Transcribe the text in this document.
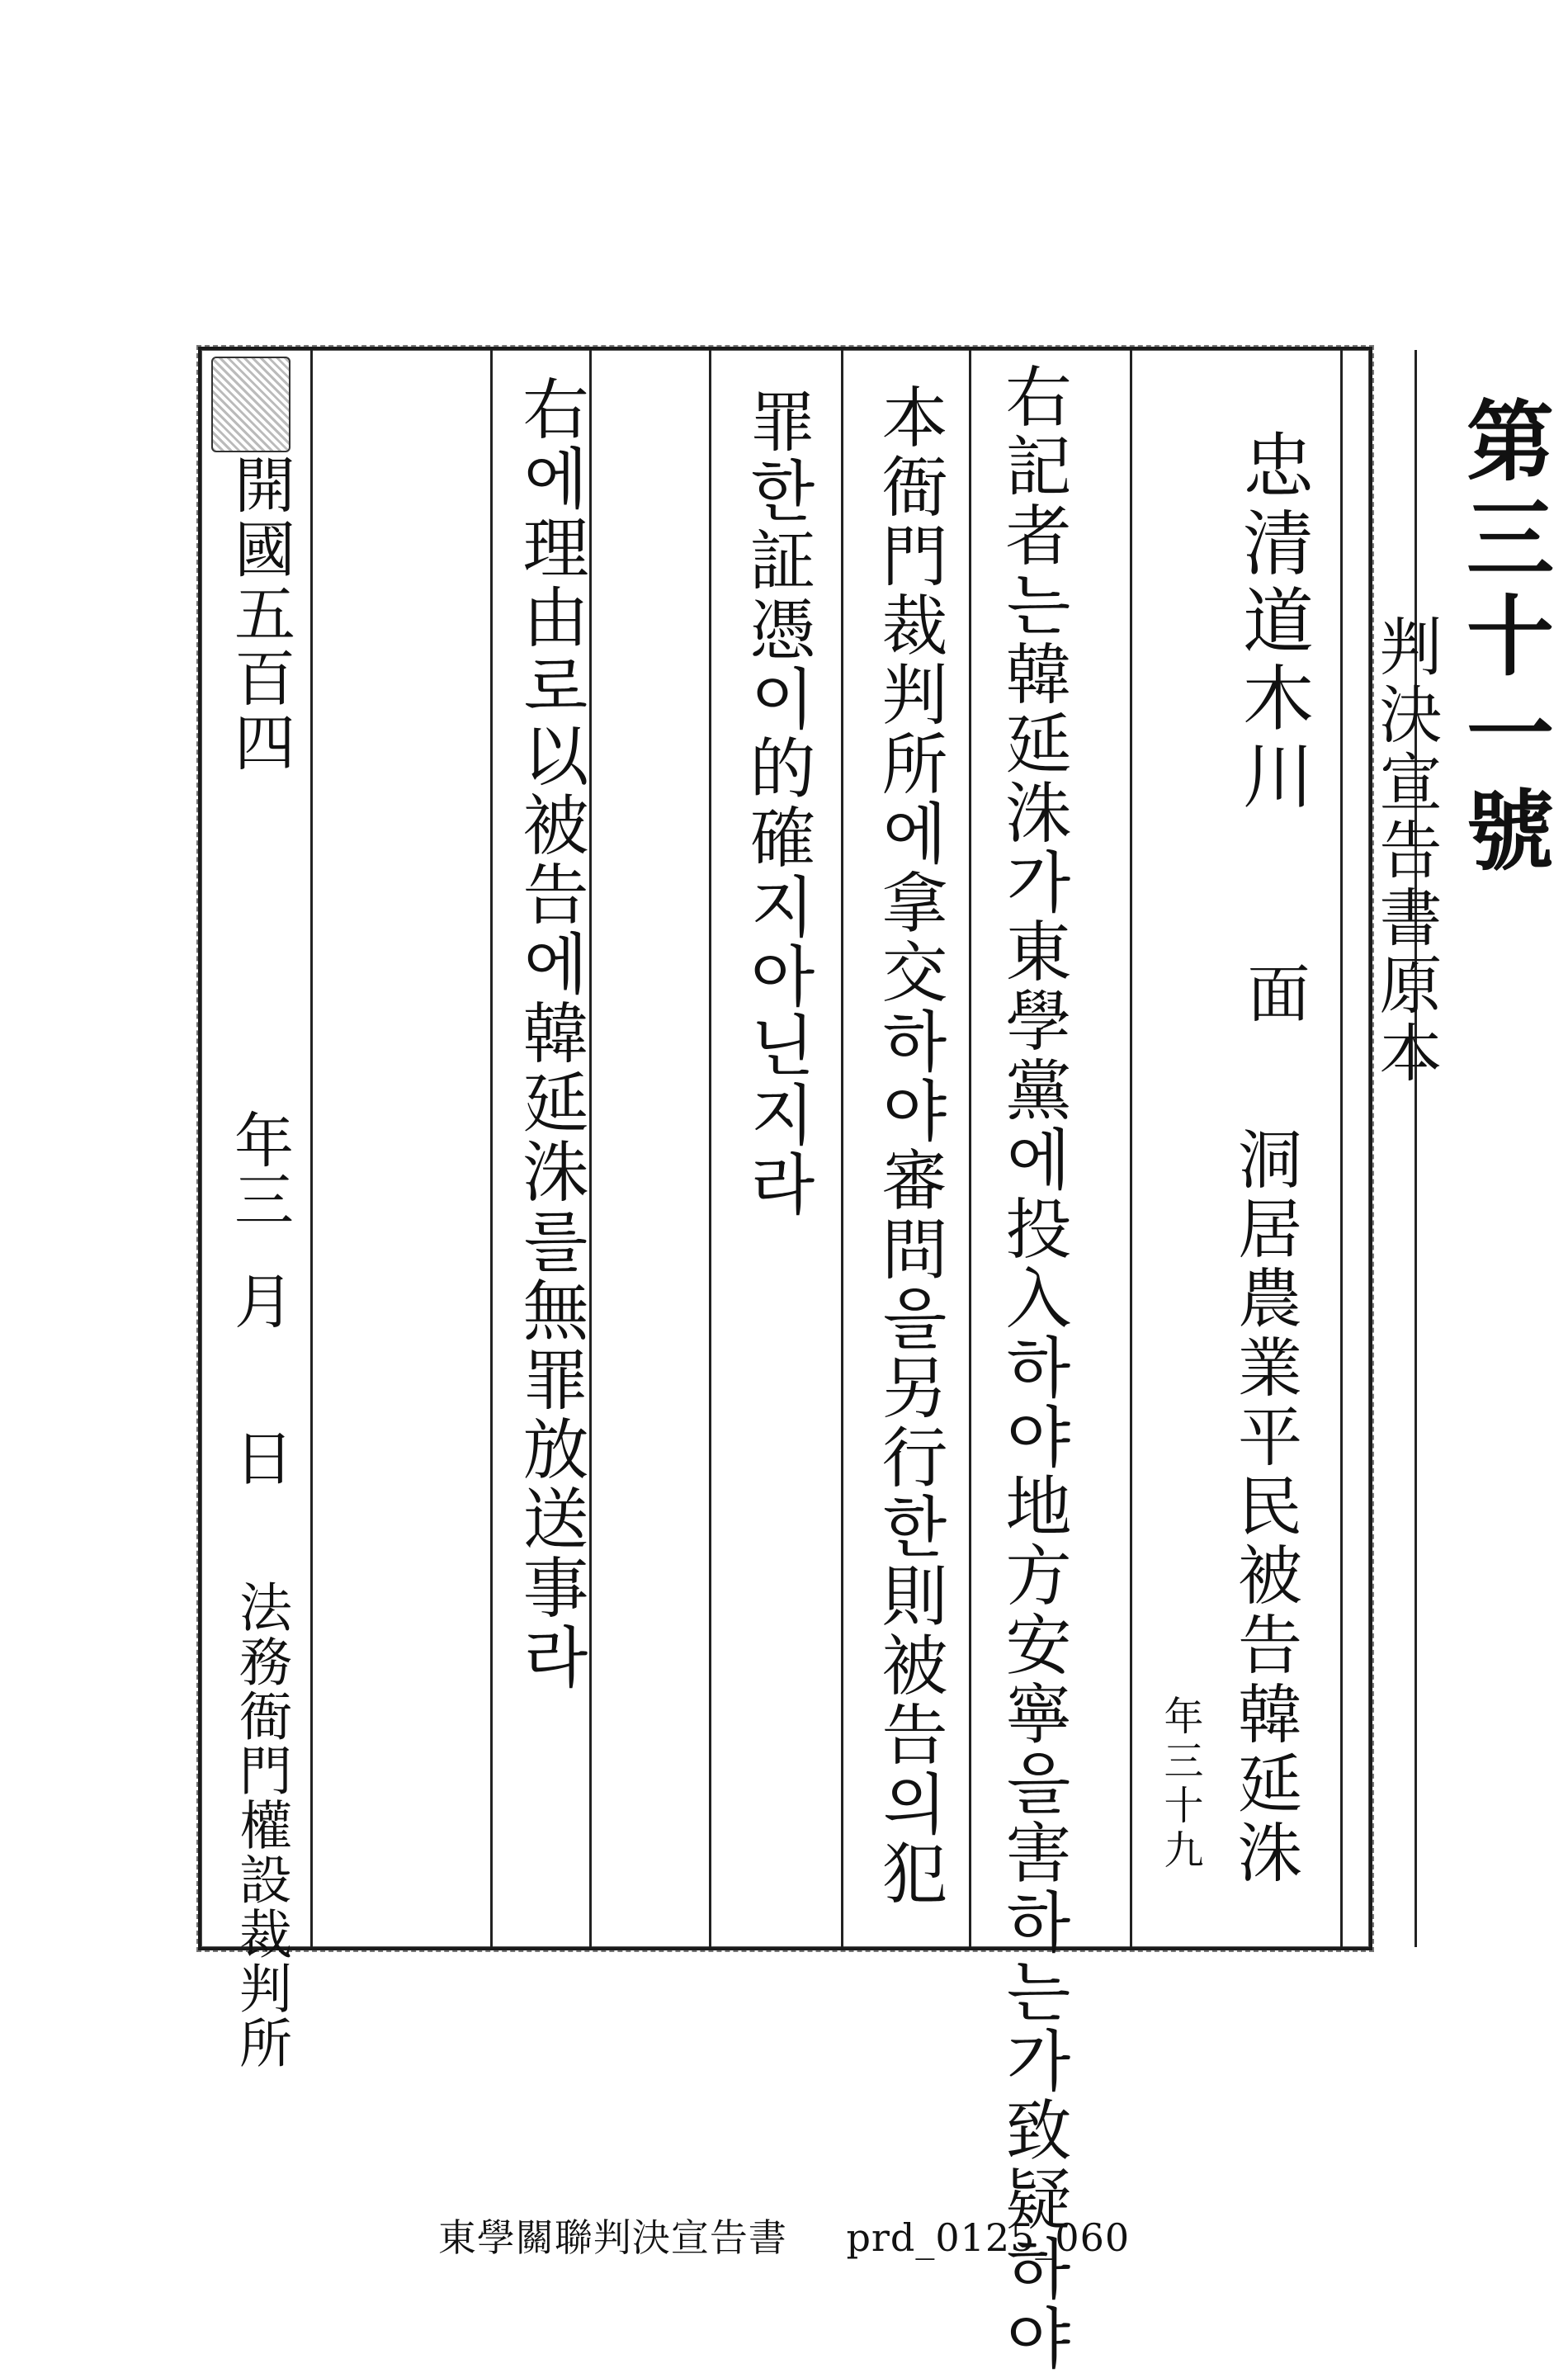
第三十一號
判決宣告書原本
忠清道木川
面
洞居農業平民被告韓延洙
年三十九
右記者는韓延洙가東學黨에投入하야地方安寧을害하는가致疑하야
本衙門裁判所에拿交하야審問을另行한則被告의犯
罪한証憑이的確지아닌지라
右에理由로以被告에韓延洙를無罪放送事라
開國五百四
年三
月
日
法務衙門權設裁判所
東學關聯判決宣告書 prd_0125_060
